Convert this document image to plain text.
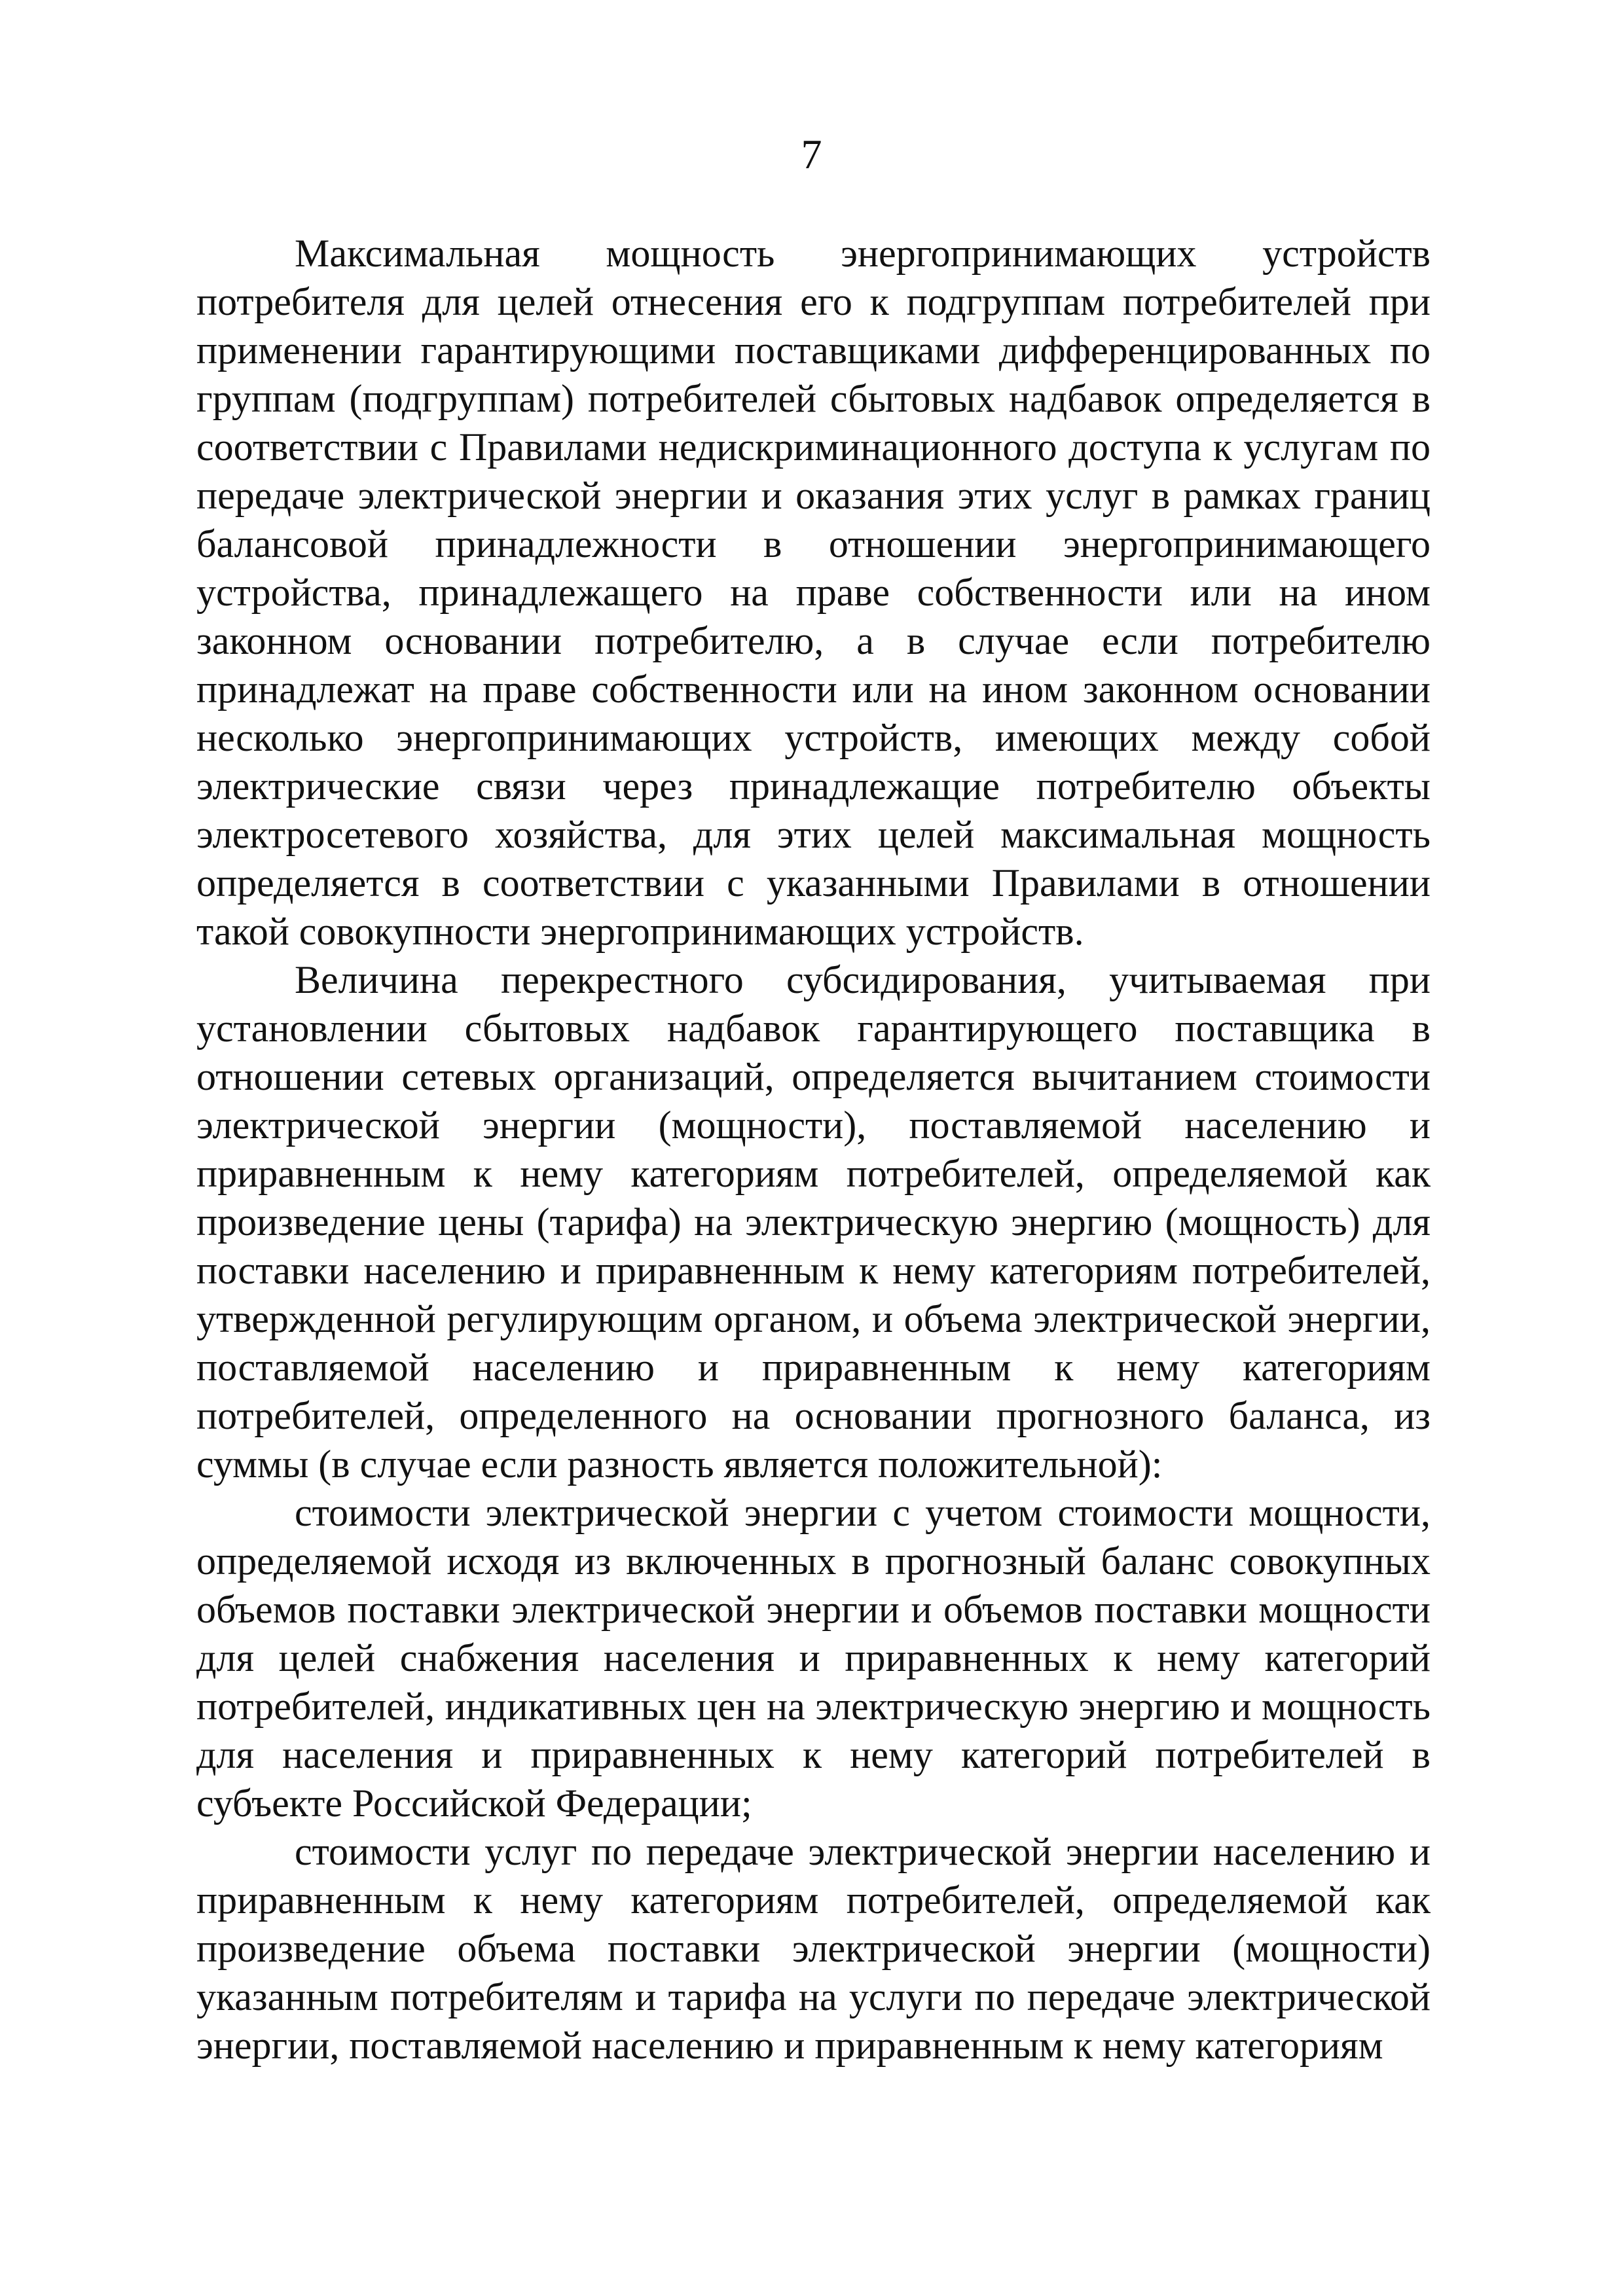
7

Максимальная мощность энергопринимающих устройств потребителя для целей отнесения его к подгруппам потребителей при применении гарантирующими поставщиками дифференцированных по группам (подгруппам) потребителей сбытовых надбавок определяется в соответствии с Правилами недискриминационного доступа к услугам по передаче электрической энергии и оказания этих услуг в рамках границ балансовой принадлежности в отношении энергопринимающего устройства, принадлежащего на праве собственности или на ином законном основании потребителю, а в случае если потребителю принадлежат на праве собственности или на ином законном основании несколько энергопринимающих устройств, имеющих между собой электрические связи через принадлежащие потребителю объекты электросетевого хозяйства, для этих целей максимальная мощность определяется в соответствии с указанными Правилами в отношении такой совокупности энергопринимающих устройств.

Величина перекрестного субсидирования, учитываемая при установлении сбытовых надбавок гарантирующего поставщика в отношении сетевых организаций, определяется вычитанием стоимости электрической энергии (мощности), поставляемой населению и приравненным к нему категориям потребителей, определяемой как произведение цены (тарифа) на электрическую энергию (мощность) для поставки населению и приравненным к нему категориям потребителей, утвержденной регулирующим органом, и объема электрической энергии, поставляемой населению и приравненным к нему категориям потребителей, определенного на основании прогнозного баланса, из суммы (в случае если разность является положительной):

стоимости электрической энергии с учетом стоимости мощности, определяемой исходя из включенных в прогнозный баланс совокупных объемов поставки электрической энергии и объемов поставки мощности для целей снабжения населения и приравненных к нему категорий потребителей, индикативных цен на электрическую энергию и мощность для населения и приравненных к нему категорий потребителей в субъекте Российской Федерации;

стоимости услуг по передаче электрической энергии населению и приравненным к нему категориям потребителей, определяемой как произведение объема поставки электрической энергии (мощности) указанным потребителям и тарифа на услуги по передаче электрической энергии, поставляемой населению и приравненным к нему категориям
